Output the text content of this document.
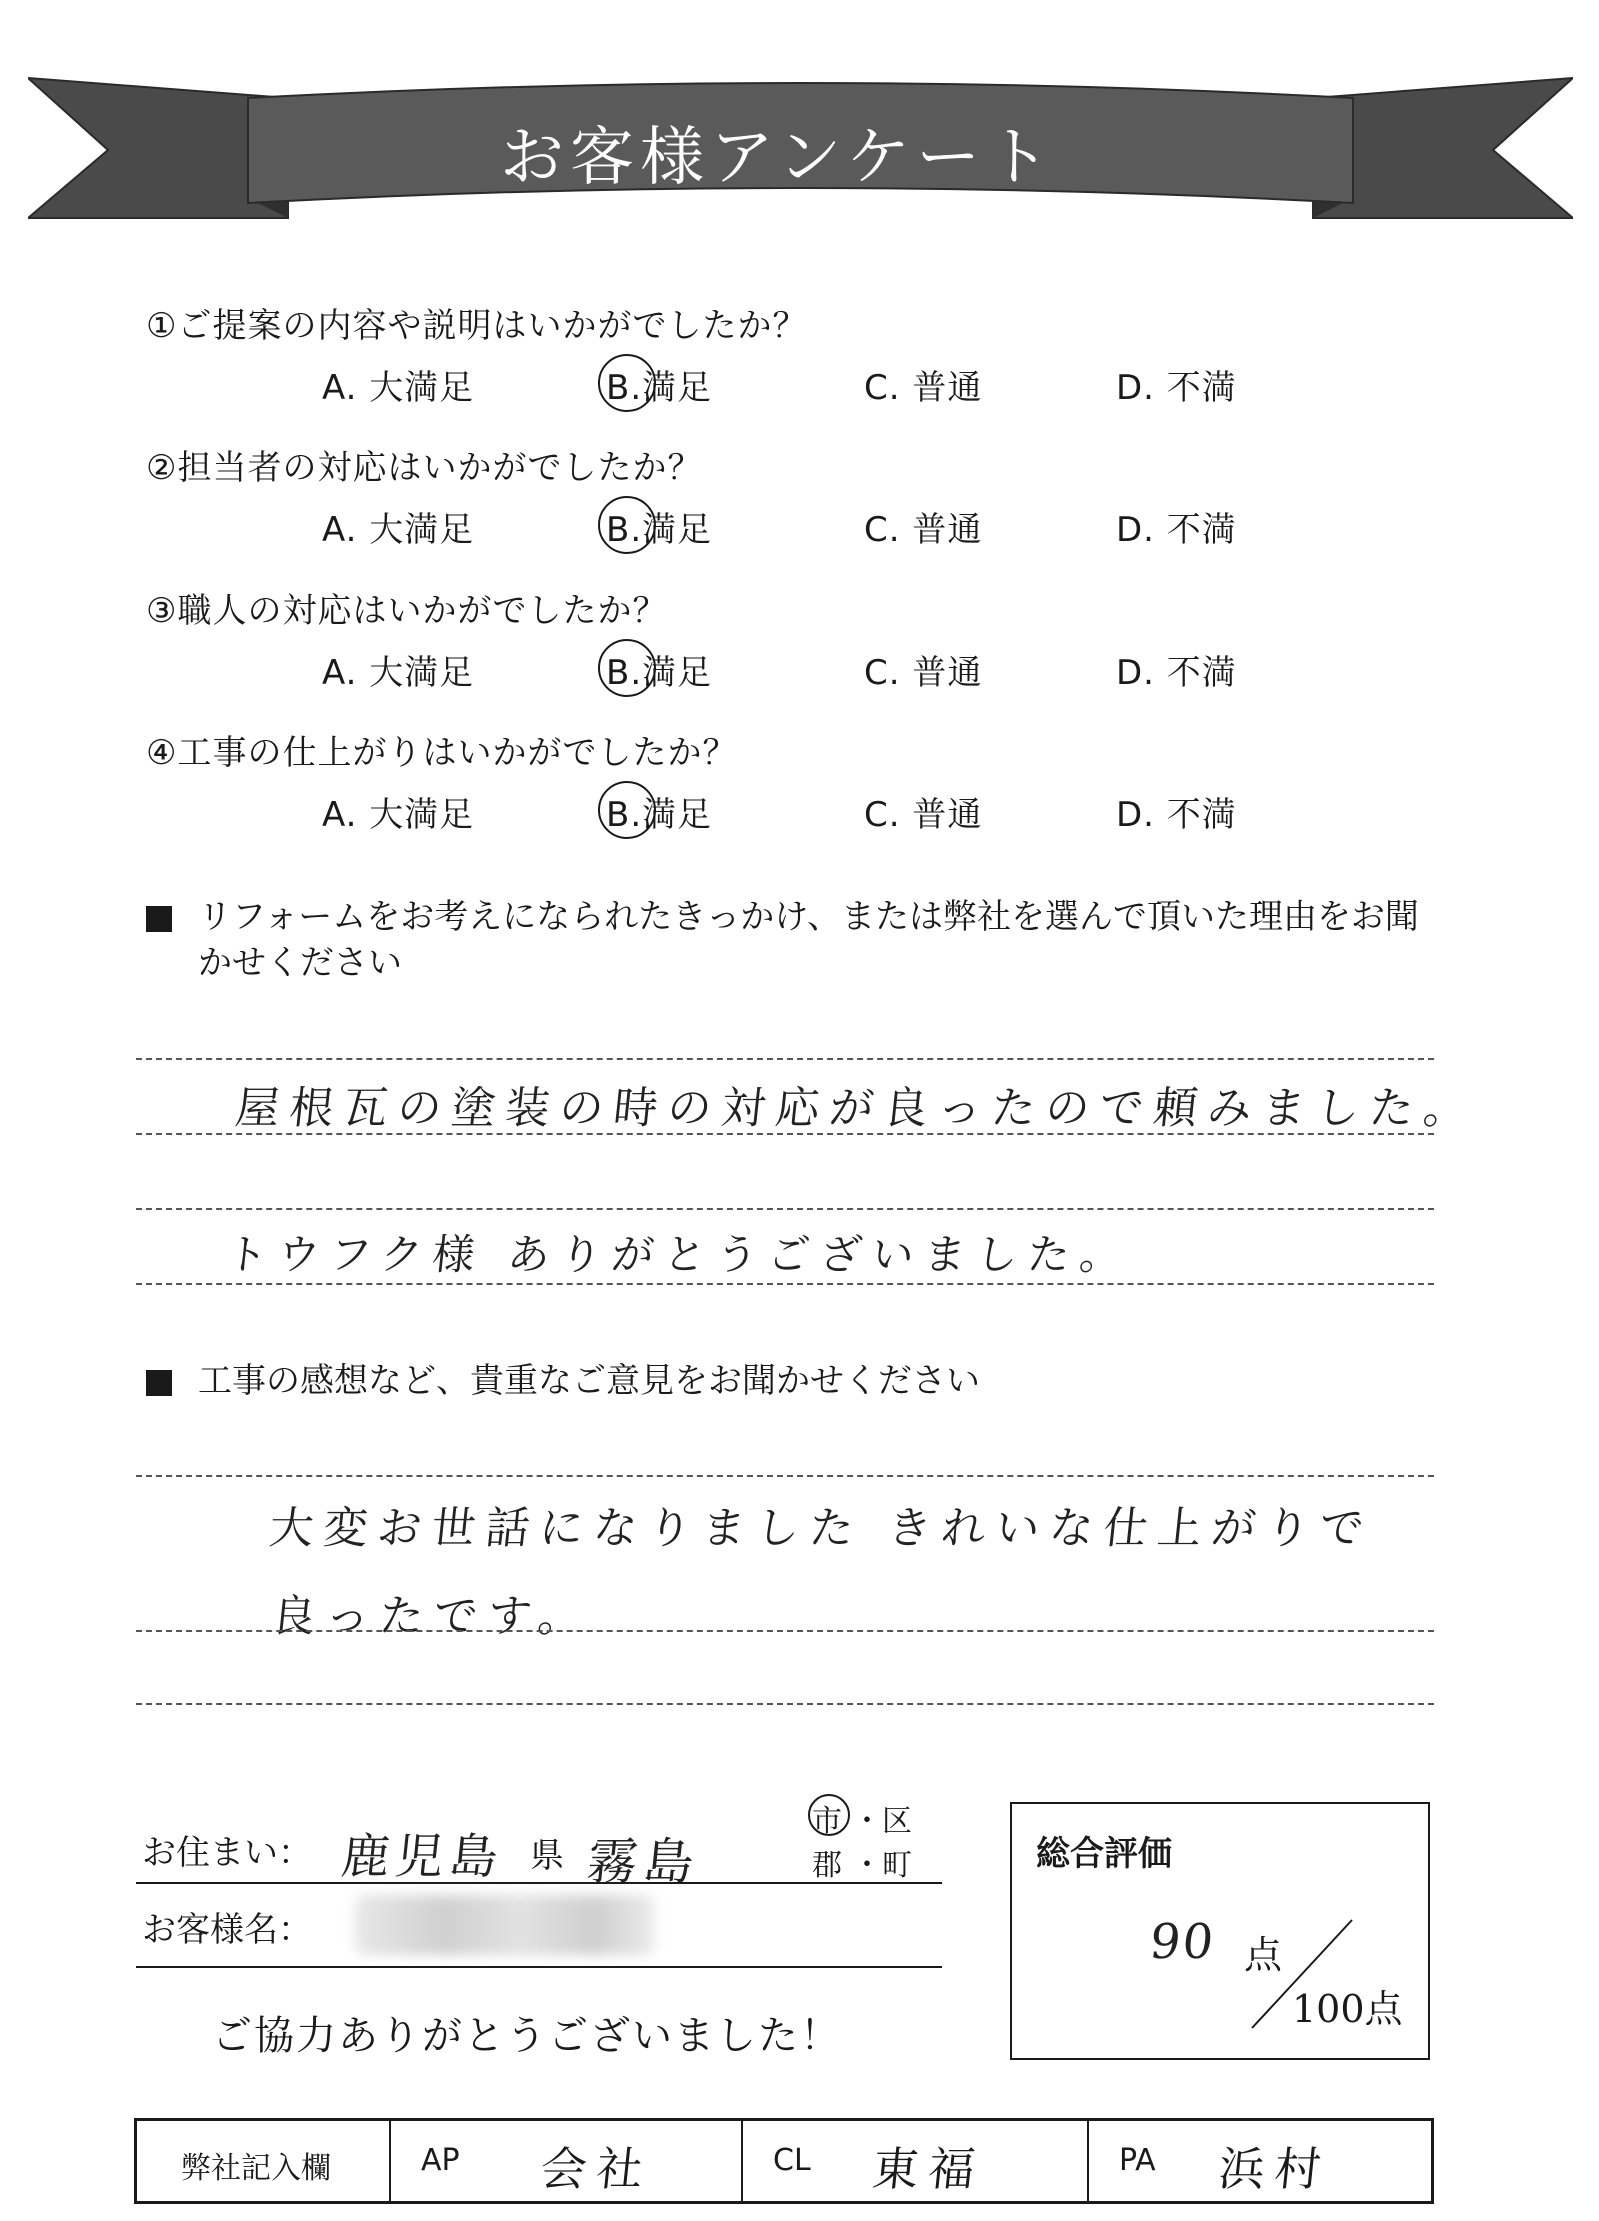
お客様アンケート
①ご提案の内容や説明はいかがでしたか？
②担当者の対応はいかがでしたか？
③職人の対応はいかがでしたか？
④工事の仕上がりはいかがでしたか？
A. 大満足	B.満足	C. 普通	D. 不満
A. 大満足	B.満足	C. 普通	D. 不満
A. 大満足	B.満足	C. 普通	D. 不満
A. 大満足	B.満足	C. 普通	D. 不満
リフォームをお考えになられたきっかけ、または弊社を選んで頂いた理由をお聞かせください
屋根瓦の塗装の時の対応が良ったので頼みました。
トウフク様 ありがとうございました。
工事の感想など、貴重なご意見をお聞かせください
大変お世話になりました きれいな仕上がりで
良ったです。
お住まい： 鹿児島 県 霧島
市 ・区
郡 ・町
お客様名：
ご協力ありがとうございました！
総合評価
90 点
100点
弊社記入欄	AP 会社	CL 東福	PA 浜村
